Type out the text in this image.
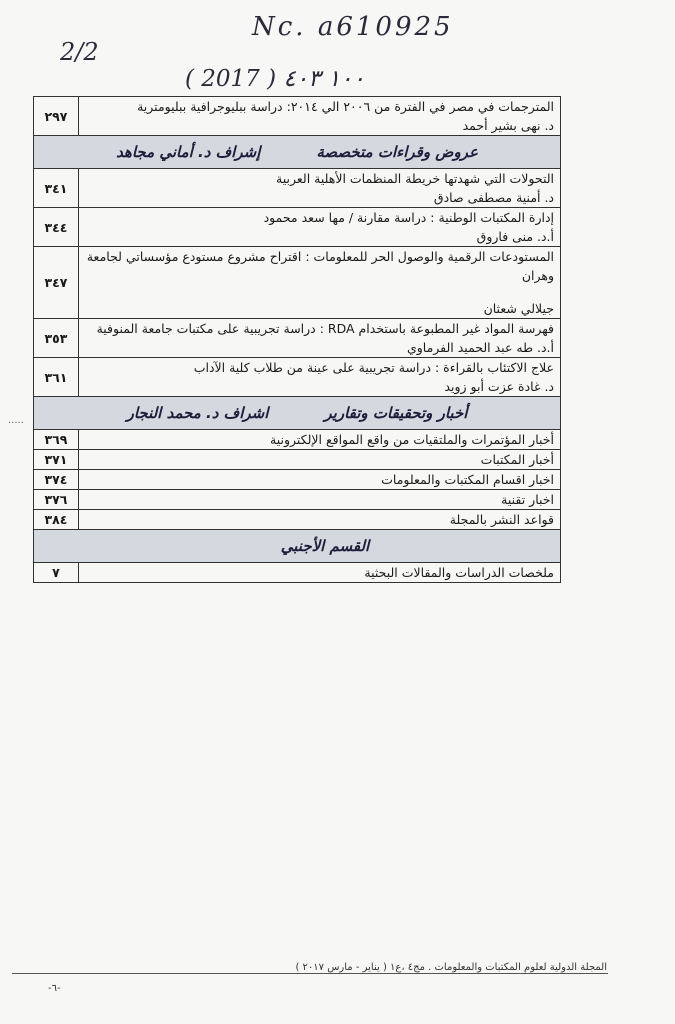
Nc. a610925
2/2
( 2017 ) ١٠٠ ٤٠٣
المترجمات في مصر في الفترة من ٢٠٠٦ الي ٢٠١٤: دراسة ببليوجرافية ببليومترية
د. نهى بشير أحمد	٢٩٧
عروض وقراءات متخصصةإشراف د. أماني مجاهد	

التحولات التي شهدتها خريطة المنظمات الأهلية العربية
د. أمنية مصطفى صادق	٣٤١

إدارة المكتبات الوطنية : دراسة مقارنة / مها سعد محمود
أ.د. منى فاروق	٣٤٤

المستودعات الرقمية والوصول الحر للمعلومات : اقتراح مشروع مستودع مؤسساتي لجامعة وهران
جيلالي شعثان	٣٤٧

فهرسة المواد غير المطبوعة باستخدام RDA : دراسة تجريبية على مكتبات جامعة المنوفية
أ.د. طه عبد الحميد الفرماوي	٣٥٣

علاج الاكتئاب بالقراءة : دراسة تجريبية على عينة من طلاب كلية الآداب
د. غادة عزت أبو زويد	٣٦١
أخبار وتحقيقات وتقاريراشراف د. محمد النجار	

أخبار المؤتمرات والملتقيات من واقع المواقع الإلكترونية	٣٦٩

أخبار المكتبات	٣٧١

اخبار اقسام المكتبات والمعلومات	٣٧٤

اخبار تقنية	٣٧٦

قواعد النشر بالمجلة	٣٨٤
القسم الأجنبي	

ملخصات الدراسات والمقالات البحثية	٧
·····
المجلة الدولية لعلوم المكتبات والمعلومات . مج٤ ،ع١ ( يناير - مارس ٢٠١٧ )
-٦-
